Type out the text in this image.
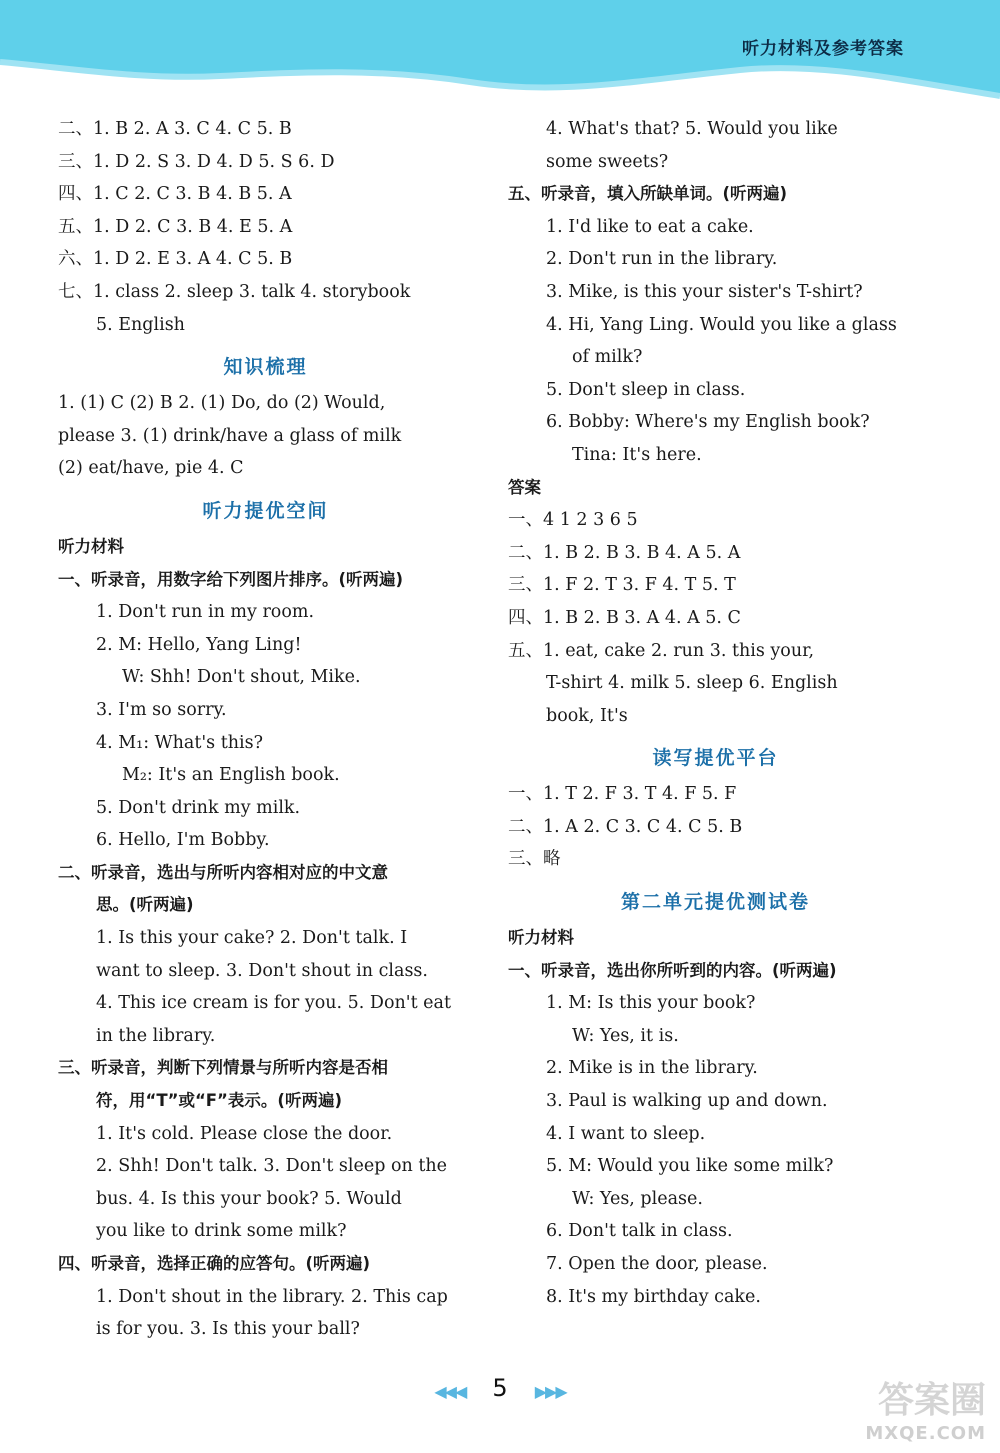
听力材料及参考答案
二、1. B 2. A 3. C 4. C 5. B
三、1. D 2. S 3. D 4. D 5. S 6. D
四、1. C 2. C 3. B 4. B 5. A
五、1. D 2. C 3. B 4. E 5. A
六、1. D 2. E 3. A 4. C 5. B
七、1. class 2. sleep 3. talk 4. storybook
5. English
知识梳理
1. (1) C (2) B 2. (1) Do, do (2) Would,
please 3. (1) drink/have a glass of milk
(2) eat/have, pie 4. C
听力提优空间
听力材料
一、听录音，用数字给下列图片排序。(听两遍)
1. Don't run in my room.
2. M: Hello, Yang Ling!
W: Shh! Don't shout, Mike.
3. I'm so sorry.
4. M₁: What's this?
M₂: It's an English book.
5. Don't drink my milk.
6. Hello, I'm Bobby.
二、听录音，选出与所听内容相对应的中文意
思。(听两遍)
1. Is this your cake? 2. Don't talk. I
want to sleep. 3. Don't shout in class.
4. This ice cream is for you. 5. Don't eat
in the library.
三、听录音，判断下列情景与所听内容是否相
符，用“T”或“F”表示。(听两遍)
1. It's cold. Please close the door.
2. Shh! Don't talk. 3. Don't sleep on the
bus. 4. Is this your book? 5. Would
you like to drink some milk?
四、听录音，选择正确的应答句。(听两遍)
1. Don't shout in the library. 2. This cap
is for you. 3. Is this your ball?
4. What's that? 5. Would you like
some sweets?
五、听录音，填入所缺单词。(听两遍)
1. I'd like to eat a cake.
2. Don't run in the library.
3. Mike, is this your sister's T-shirt?
4. Hi, Yang Ling. Would you like a glass
of milk?
5. Don't sleep in class.
6. Bobby: Where's my English book?
Tina: It's here.
答案
一、4 1 2 3 6 5
二、1. B 2. B 3. B 4. A 5. A
三、1. F 2. T 3. F 4. T 5. T
四、1. B 2. B 3. A 4. A 5. C
五、1. eat, cake 2. run 3. this your,
T-shirt 4. milk 5. sleep 6. English
book, It's
读写提优平台
一、1. T 2. F 3. T 4. F 5. F
二、1. A 2. C 3. C 4. C 5. B
三、略
第二单元提优测试卷
听力材料
一、听录音，选出你所听到的内容。(听两遍)
1. M: Is this your book?
W: Yes, it is.
2. Mike is in the library.
3. Paul is walking up and down.
4. I want to sleep.
5. M: Would you like some milk?
W: Yes, please.
6. Don't talk in class.
7. Open the door, please.
8. It's my birthday cake.
◀◀◀ 5 ▶▶▶	答案圈
MXQE.COM
